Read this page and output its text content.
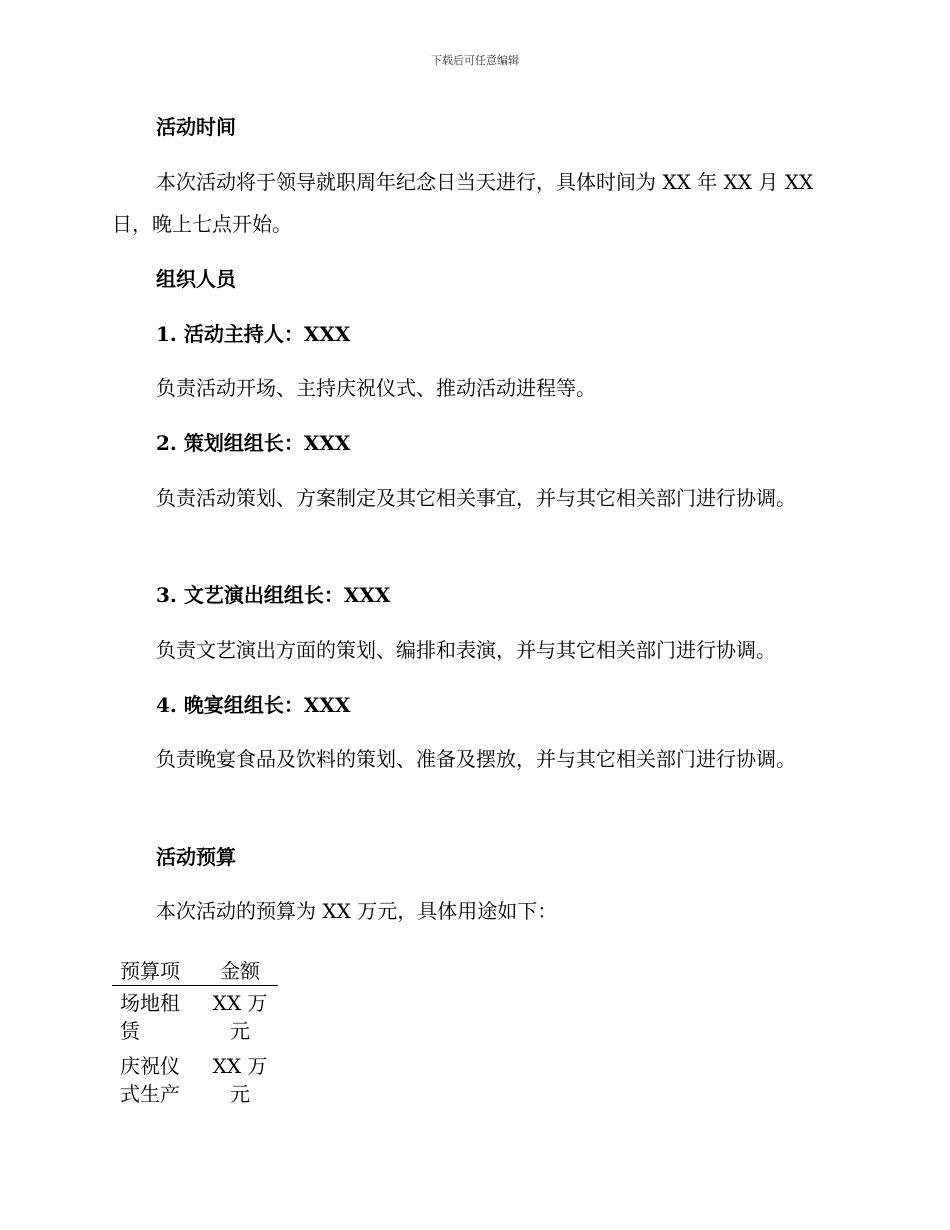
下载后可任意编辑
活动时间
本次活动将于领导就职周年纪念日当天进行，具体时间为 XX 年 XX 月 XX 日，晚上七点开始。
组织人员
1. 活动主持人：XXX
负责活动开场、主持庆祝仪式、推动活动进程等。
2. 策划组组长：XXX
负责活动策划、方案制定及其它相关事宜，并与其它相关部门进行协调。
3. 文艺演出组组长：XXX
负责文艺演出方面的策划、编排和表演，并与其它相关部门进行协调。
4. 晚宴组组长：XXX
负责晚宴食品及饮料的策划、准备及摆放，并与其它相关部门进行协调。
活动预算
本次活动的预算为 XX 万元，具体用途如下：
预算项	金额

场地租赁	XX 万元

庆祝仪式生产	XX 万元
